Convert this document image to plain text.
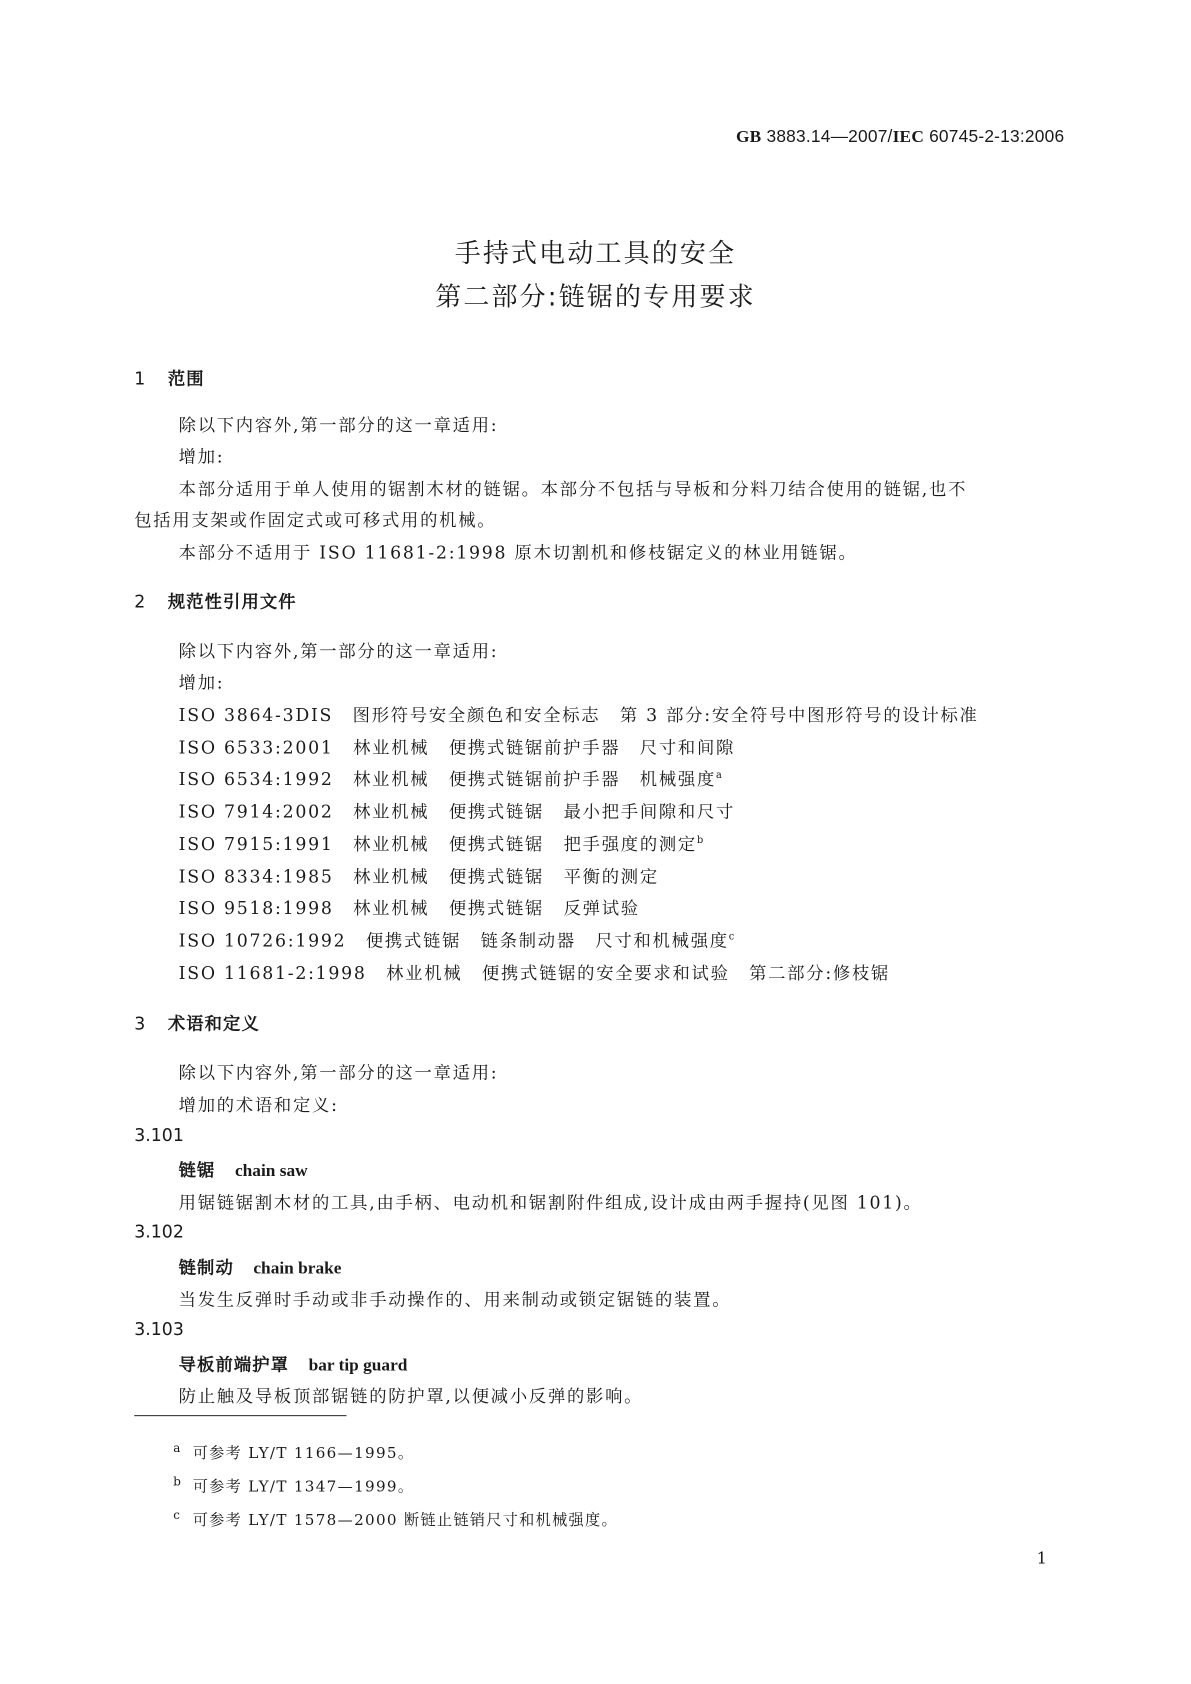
GB 3883.14—2007/IEC 60745-2-13:2006
手持式电动工具的安全
第二部分:链锯的专用要求
1 范围
除以下内容外,第一部分的这一章适用:
增加:
本部分适用于单人使用的锯割木材的链锯。本部分不包括与导板和分料刀结合使用的链锯,也不
包括用支架或作固定式或可移式用的机械。
本部分不适用于 ISO 11681-2:1998 原木切割机和修枝锯定义的林业用链锯。
2 规范性引用文件
除以下内容外,第一部分的这一章适用:
增加:
ISO 3864-3DIS 图形符号安全颜色和安全标志 第 3 部分:安全符号中图形符号的设计标准
ISO 6533:2001 林业机械 便携式链锯前护手器 尺寸和间隙
ISO 6534:1992 林业机械 便携式链锯前护手器 机械强度$^a$
ISO 7914:2002 林业机械 便携式链锯 最小把手间隙和尺寸
ISO 7915:1991 林业机械 便携式链锯 把手强度的测定$^b$
ISO 8334:1985 林业机械 便携式链锯 平衡的测定
ISO 9518:1998 林业机械 便携式链锯 反弹试验
ISO 10726:1992 便携式链锯 链条制动器 尺寸和机械强度$^c$
ISO 11681-2:1998 林业机械 便携式链锯的安全要求和试验 第二部分:修枝锯
3 术语和定义
除以下内容外,第一部分的这一章适用:
增加的术语和定义:
3.101
链锯 chain saw
用锯链锯割木材的工具,由手柄、电动机和锯割附件组成,设计成由两手握持(见图 101)。
3.102
链制动 chain brake
当发生反弹时手动或非手动操作的、用来制动或锁定锯链的装置。
3.103
导板前端护罩 bar tip guard
防止触及导板顶部锯链的防护罩,以便减小反弹的影响。
a 可参考 LY/T 1166—1995。
b 可参考 LY/T 1347—1999。
c 可参考 LY/T 1578—2000 断链止链销尺寸和机械强度。
1
